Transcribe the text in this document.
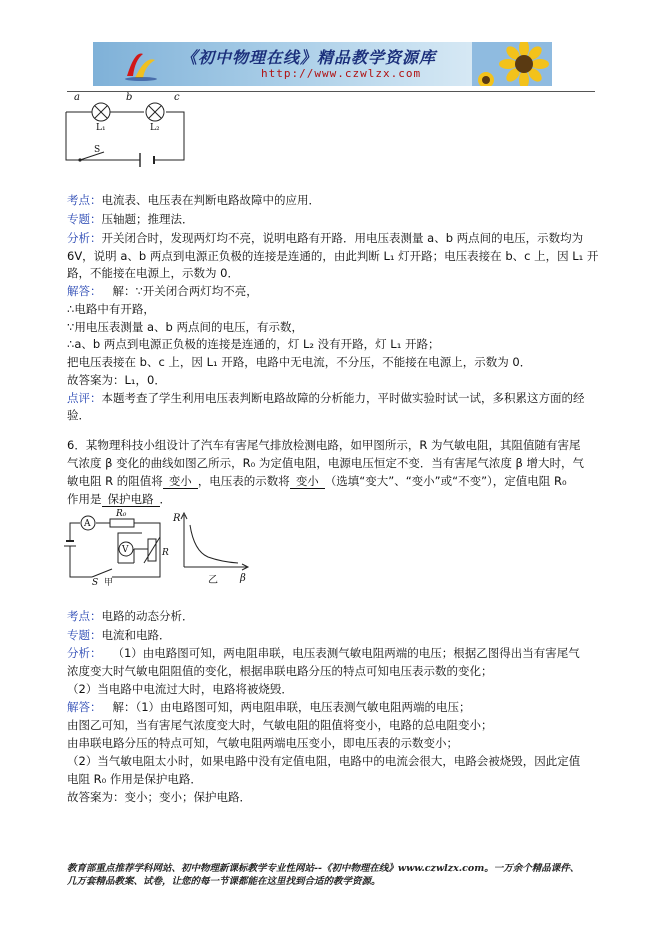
《初中物理在线》精品教学资源库
http://www.czwlzx.com
a	b	c
L₁	L₂
S
考点：电流表、电压表在判断电路故障中的应用．
专题：压轴题；推理法．
分析：开关闭合时，发现两灯均不亮，说明电路有开路．用电压表测量 a、b 两点间的电压，示数均为
6V，说明 a、b 两点到电源正负极的连接是连通的，由此判断 L₁ 灯开路；电压表接在 b、c 上，因 L₁ 开
路，不能接在电源上，示数为 0．
解答： 解：∵开关闭合两灯均不亮，
∴电路中有开路，
∵用电压表测量 a、b 两点间的电压，有示数，
∴a、b 两点到电源正负极的连接是连通的，灯 L₂ 没有开路，灯 L₁ 开路；
把电压表接在 b、c 上，因 L₁ 开路，电路中无电流，不分压，不能接在电源上，示数为 0．
故答案为：L₁，0．
点评：本题考查了学生利用电压表判断电路故障的分析能力，平时做实验时试一试，多积累这方面的经
验．
6．某物理科技小组设计了汽车有害尾气排放检测电路，如甲图所示，R 为气敏电阻，其阻值随有害尾
气浓度 β 变化的曲线如图乙所示，R₀ 为定值电阻，电源电压恒定不变．当有害尾气浓度 β 增大时，气
敏电阻 R 的阻值将 变小 ，电压表的示数将 变小 （选填“变大”、“变小”或“不变”），定值电阻 R₀
作用是 保护电路 ．
A
R₀
V	R
S 甲
R
β
乙
考点：电路的动态分析．
专题：电流和电路．
分析： （1）由电路图可知，两电阻串联，电压表测气敏电阻两端的电压；根据乙图得出当有害尾气
浓度变大时气敏电阻阻值的变化，根据串联电路分压的特点可知电压表示数的变化；
（2）当电路中电流过大时，电路将被烧毁．
解答： 解：（1）由电路图可知，两电阻串联，电压表测气敏电阻两端的电压；
由图乙可知，当有害尾气浓度变大时，气敏电阻的阻值将变小，电路的总电阻变小；
由串联电路分压的特点可知，气敏电阻两端电压变小，即电压表的示数变小；
（2）当气敏电阻太小时，如果电路中没有定值电阻，电路中的电流会很大，电路会被烧毁，因此定值
电阻 R₀ 作用是保护电路．
故答案为：变小；变小；保护电路．
教育部重点推荐学科网站、初中物理新课标教学专业性网站--《初中物理在线》www.czwlzx.com。一万余个精品课件、
几万套精品教案、试卷，让您的每一节课都能在这里找到合适的教学资源。
